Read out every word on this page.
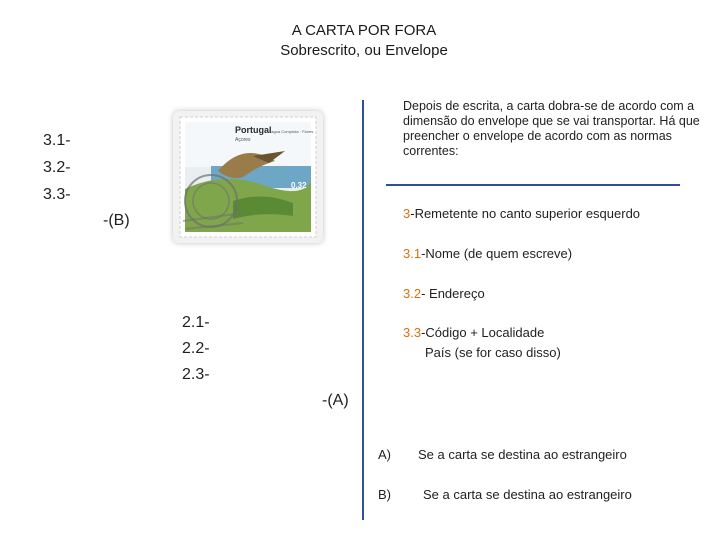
A CARTA POR FORA
Sobrescrito, ou Envelope
3.1-
3.2-
3.3-
-(B)
Portugal
Açores
Lagoa Comprida · Flores
0,32
2.1-
2.2-
2.3-
-(A)
Depois de escrita, a carta dobra-se de acordo com a dimensão do envelope que se vai transportar. Há que preencher o envelope de acordo com as normas correntes:
3-Remetente no canto superior esquerdo
3.1-Nome (de quem escreve)
3.2- Endereço
3.3-Código + Localidade
País (se for caso disso)
A) Se a carta se destina ao estrangeiro
B) Se a carta se destina ao estrangeiro
